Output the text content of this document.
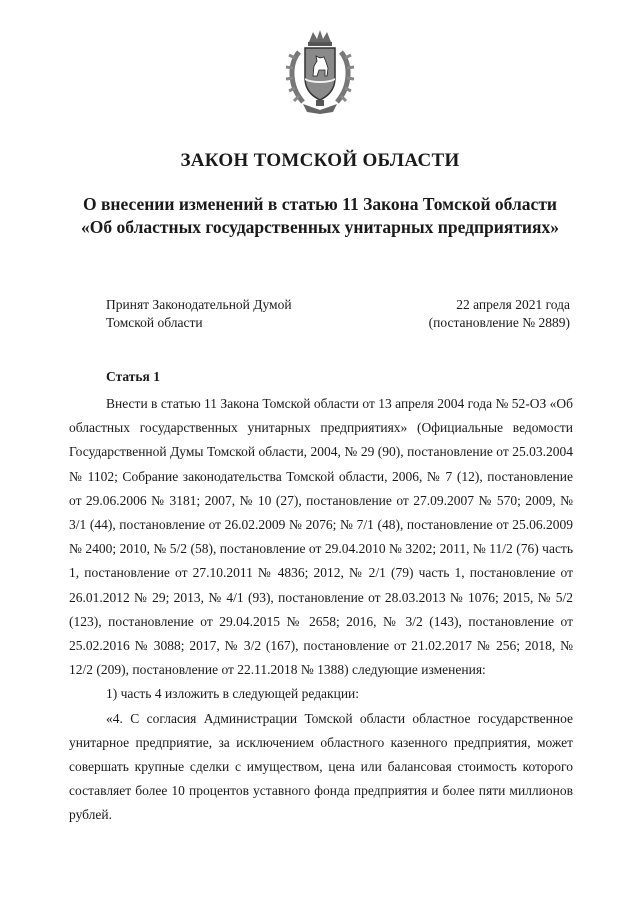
ЗАКОН ТОМСКОЙ ОБЛАСТИ
О внесении изменений в статью 11 Закона Томской области «Об областных государственных унитарных предприятиях»
Принят Законодательной Думой
Томской области
22 апреля 2021 года
(постановление № 2889)
Статья 1

Внести в статью 11 Закона Томской области от 13 апреля 2004 года № 52-ОЗ «Об областных государственных унитарных предприятиях» (Официальные ведомости Государственной Думы Томской области, 2004, № 29 (90), постановление от 25.03.2004 № 1102; Собрание законодательства Томской области, 2006, № 7 (12), постановление от 29.06.2006 № 3181; 2007, № 10 (27), постановление от 27.09.2007 № 570; 2009, № 3/1 (44), постановление от 26.02.2009 № 2076; № 7/1 (48), постановление от 25.06.2009 № 2400; 2010, № 5/2 (58), постановление от 29.04.2010 № 3202; 2011, № 11/2 (76) часть 1, постановление от 27.10.2011 № 4836; 2012, № 2/1 (79) часть 1, постановление от 26.01.2012 № 29; 2013, № 4/1 (93), постановление от 28.03.2013 № 1076; 2015, № 5/2 (123), постановление от 29.04.2015 № 2658; 2016, № 3/2 (143), постановление от 25.02.2016 № 3088; 2017, № 3/2 (167), постановление от 21.02.2017 № 256; 2018, № 12/2 (209), постановление от 22.11.2018 № 1388) следующие изменения:

1) часть 4 изложить в следующей редакции:

«4. С согласия Администрации Томской области областное государственное унитарное предприятие, за исключением областного казенного предприятия, может совершать крупные сделки с имуществом, цена или балансовая стоимость которого составляет более 10 процентов уставного фонда предприятия и более пяти миллионов рублей.
